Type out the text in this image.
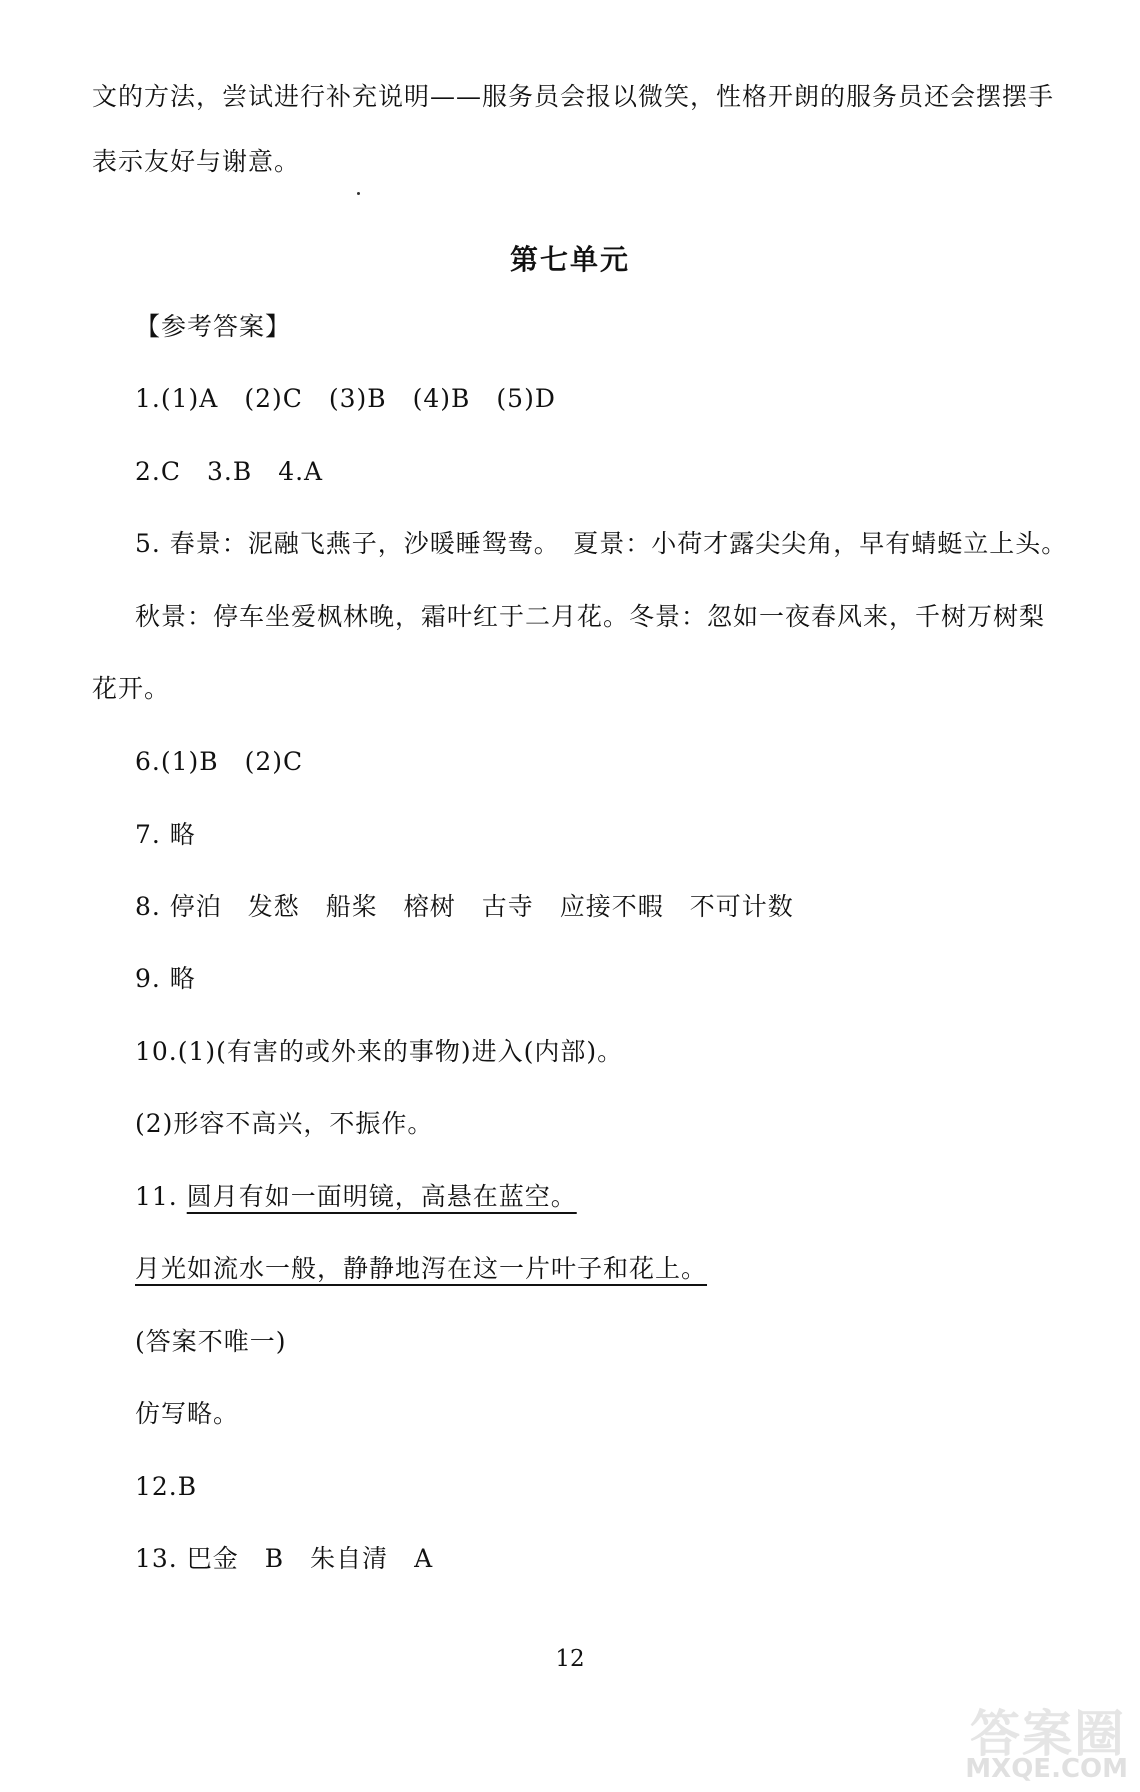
文的方法，尝试进行补充说明——服务员会报以微笑，性格开朗的服务员还会摆摆手
表示友好与谢意。
第七单元
【参考答案】
1.(1)A　(2)C　(3)B　(4)B　(5)D
2.C　3.B　4.A
5. 春景：泥融飞燕子，沙暖睡鸳鸯。　夏景：小荷才露尖尖角，早有蜻蜓立上头。
秋景：停车坐爱枫林晚，霜叶红于二月花。冬景：忽如一夜春风来，千树万树梨
花开。
6.(1)B　(2)C
7. 略
8. 停泊　发愁　船桨　榕树　古寺　应接不暇　不可计数
9. 略
10.(1)(有害的或外来的事物)进入(内部)。
(2)形容不高兴，不振作。
11. 圆月有如一面明镜，高悬在蓝空。
月光如流水一般，静静地泻在这一片叶子和花上。
(答案不唯一)
仿写略。
12.B
13. 巴金　B　朱自清　A
12
答案圈
MXQE.COM
